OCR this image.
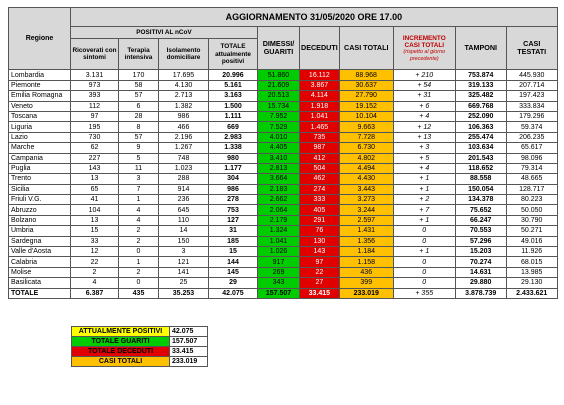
Regione	AGGIORNAMENTO 31/05/2020 ORE 17.00									
	POSITIVI AL nCoV				DIMESSI/ GUARITI	DECEDUTI	CASI TOTALI	INCREMENTO CASI TOTALI
(rispetto al giorno precedente)	TAMPONI	CASI TESTATI
	Ricoverati con sintomi	Terapia intensiva	Isolamento domiciliare	TOTALE attualmente positivi						
Lombardia	3.131	170	17.695	20.996	51.860	16.112	88.968	+ 210	753.874	445.930
Piemonte	973	58	4.130	5.161	21.609	3.867	30.637	+ 54	319.133	207.714
Emilia Romagna	393	57	2.713	3.163	20.513	4.114	27.790	+ 31	325.482	197.423
Veneto	112	6	1.382	1.500	15.734	1.918	19.152	+ 6	669.768	333.834
Toscana	97	28	986	1.111	7.952	1.041	10.104	+ 4	252.090	179.296
Liguria	195	8	466	669	7.529	1.465	9.663	+ 12	106.363	59.374
Lazio	730	57	2.196	2.983	4.010	735	7.728	+ 13	255.474	206.235
Marche	62	9	1.267	1.338	4.405	987	6.730	+ 3	103.634	65.617
Campania	227	5	748	980	3.410	412	4.802	+ 5	201.543	98.096
Puglia	143	11	1.023	1.177	2.813	504	4.494	+ 4	118.652	79.314
Trento	13	3	288	304	3.664	462	4.430	+ 1	88.558	48.665
Sicilia	65	7	914	986	2.183	274	3.443	+ 1	150.054	128.717
Friuli V.G.	41	1	236	278	2.662	333	3.273	+ 2	134.378	80.223
Abruzzo	104	4	645	753	2.064	405	3.244	+ 7	75.652	50.050
Bolzano	13	4	110	127	2.179	291	2.597	+ 1	66.247	30.790
Umbria	15	2	14	31	1.324	76	1.431	0	70.553	50.271
Sardegna	33	2	150	185	1.041	130	1.356	0	57.296	49.016
Valle d'Aosta	12	0	3	15	1.026	143	1.184	+ 1	15.203	11.926
Calabria	22	1	121	144	917	97	1.158	0	70.274	68.015
Molise	2	2	141	145	269	22	436	0	14.631	13.985
Basilicata	4	0	25	29	343	27	399	0	29.880	29.130
TOTALE	6.387	435	35.253	42.075	157.507	33.415	233.019	+ 355	3.878.739	2.433.621
ATTUALMENTE POSITIVI	42.075
TOTALE GUARITI	157.507
TOTALE DECEDUTI	33.415
CASI TOTALI	233.019
